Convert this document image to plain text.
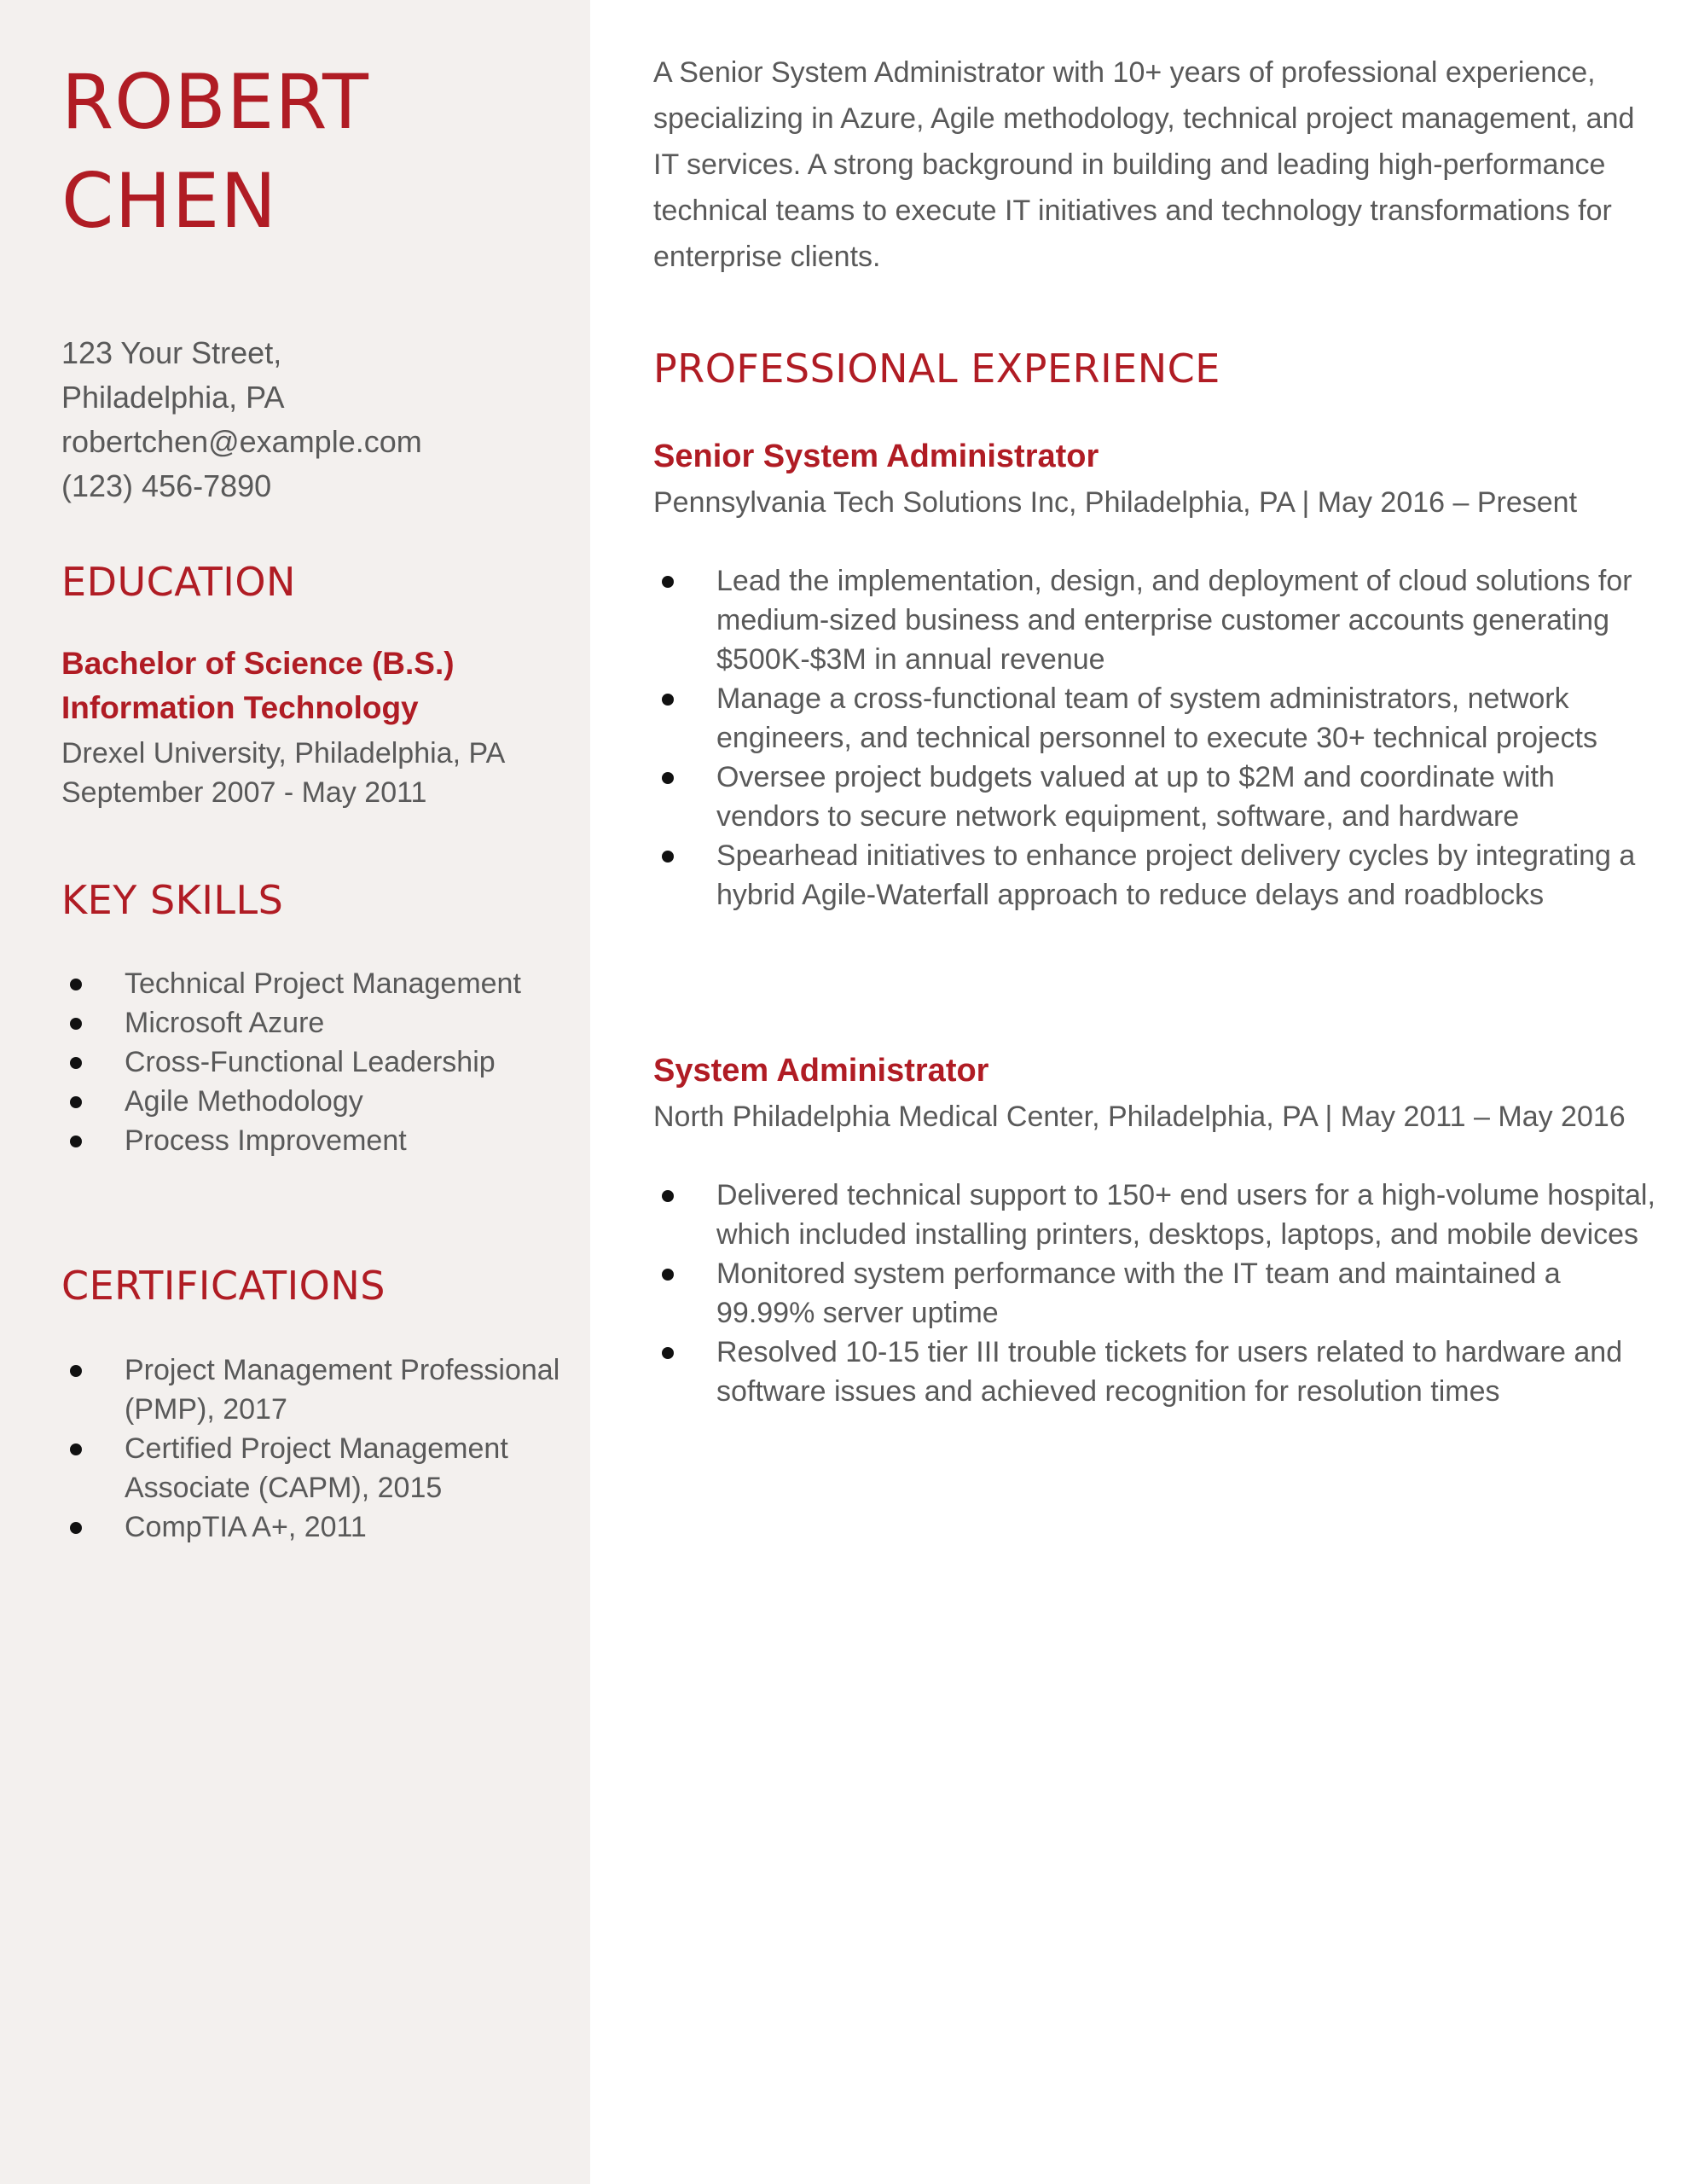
ROBERT
CHEN
123 Your Street,
Philadelphia, PA
robertchen@example.com
(123) 456-7890
EDUCATION
Bachelor of Science (B.S.)
Information Technology
Drexel University, Philadelphia, PA
September 2007 - May 2011
KEY SKILLS
Technical Project Management
Microsoft Azure
Cross-Functional Leadership
Agile Methodology
Process Improvement
CERTIFICATIONS
Project Management Professional (PMP), 2017
Certified Project Management Associate (CAPM), 2015
CompTIA A+, 2011

A Senior System Administrator with 10+ years of professional experience, specializing in Azure, Agile methodology, technical project management, and IT services. A strong background in building and leading high-performance technical teams to execute IT initiatives and technology transformations for enterprise clients.

PROFESSIONAL EXPERIENCE
Senior System Administrator
Pennsylvania Tech Solutions Inc, Philadelphia, PA | May 2016 – Present
Lead the implementation, design, and deployment of cloud solutions for medium-sized business and enterprise customer accounts generating $500K-$3M in annual revenue
Manage a cross-functional team of system administrators, network engineers, and technical personnel to execute 30+ technical projects
Oversee project budgets valued at up to $2M and coordinate with vendors to secure network equipment, software, and hardware
Spearhead initiatives to enhance project delivery cycles by integrating a hybrid Agile-Waterfall approach to reduce delays and roadblocks
System Administrator
North Philadelphia Medical Center, Philadelphia, PA | May 2011 – May 2016
Delivered technical support to 150+ end users for a high-volume hospital, which included installing printers, desktops, laptops, and mobile devices
Monitored system performance with the IT team and maintained a 99.99% server uptime
Resolved 10-15 tier III trouble tickets for users related to hardware and software issues and achieved recognition for resolution times
